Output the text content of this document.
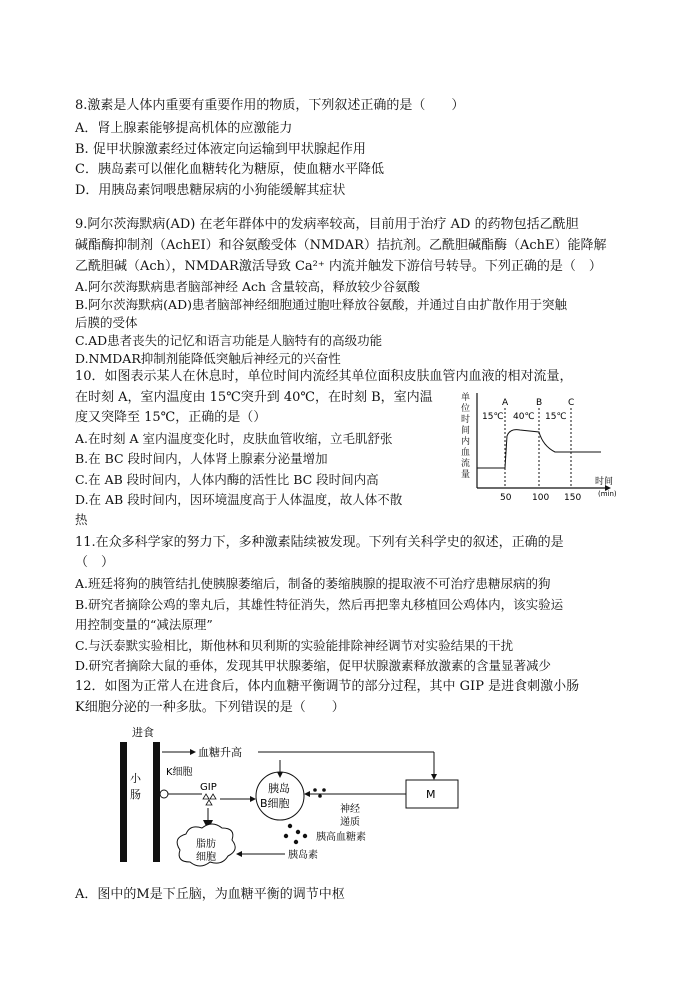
8.激素是人体内重要有重要作用的物质，下列叙述正确的是（　　）
A．肾上腺素能够提高机体的应激能力
B. 促甲状腺激素经过体液定向运输到甲状腺起作用
C．胰岛素可以催化血糖转化为糖原，使血糖水平降低
D．用胰岛素饲喂患糖尿病的小狗能缓解其症状
9.阿尔茨海默病(AD) 在老年群体中的发病率较高，目前用于治疗 AD 的药物包括乙酰胆
碱酯酶抑制剂（AchEI）和谷氨酸受体（NMDAR）拮抗剂。乙酰胆碱酯酶（AchE）能降解
乙酰胆碱（Ach），NMDAR激活导致 Ca²⁺ 内流并触发下游信号转导。下列正确的是（　）
A.阿尔茨海默病患者脑部神经 Ach 含量较高，释放较少谷氨酸
B.阿尔茨海默病(AD)患者脑部神经细胞通过胞吐释放谷氨酸，并通过自由扩散作用于突触
后膜的受体
C.AD患者丧失的记忆和语言功能是人脑特有的高级功能
D.NMDAR抑制剂能降低突触后神经元的兴奋性
10．如图表示某人在休息时，单位时间内流经其单位面积皮肤血管内血液的相对流量，
在时刻 A，室内温度由 15℃突升到 40℃，在时刻 B，室内温
度又突降至 15℃，正确的是（）
A.在时刻 A 室内温度变化时，皮肤血管收缩，立毛肌舒张
B.在 BC 段时间内，人体肾上腺素分泌量增加
C.在 AB 段时间内，人体内酶的活性比 BC 段时间内高
D.在 AB 段时间内，因环境温度高于人体温度，故人体不散
热
单
位
时
间
内
血
流
量
A	B	C
15℃ 40℃ 15℃
时间
(min)
50 100 150
11.在众多科学家的努力下，多种激素陆续被发现。下列有关科学史的叙述，正确的是
（　）
A.班廷将狗的胰管结扎使胰腺萎缩后，制备的萎缩胰腺的提取液不可治疗患糖尿病的狗
B.研究者摘除公鸡的睾丸后，其雄性特征消失，然后再把睾丸移植回公鸡体内，该实验运
用控制变量的“减法原理”
C.与沃泰默实验相比，斯他林和贝利斯的实验能排除神经调节对实验结果的干扰
D.研究者摘除大鼠的垂体，发现其甲状腺萎缩，促甲状腺激素释放激素的含量显著减少
12．如图为正常人在进食后，体内血糖平衡调节的部分过程，其中 GIP 是进食刺激小肠
K细胞分泌的一种多肽。下列错误的是（　　）
进食
小
肠
K细胞
血糖升高
M
GIP	胰岛
B细胞	神经
递质
胰高血糖素
脂肪
细胞	胰岛素
A．图中的M是下丘脑，为血糖平衡的调节中枢
